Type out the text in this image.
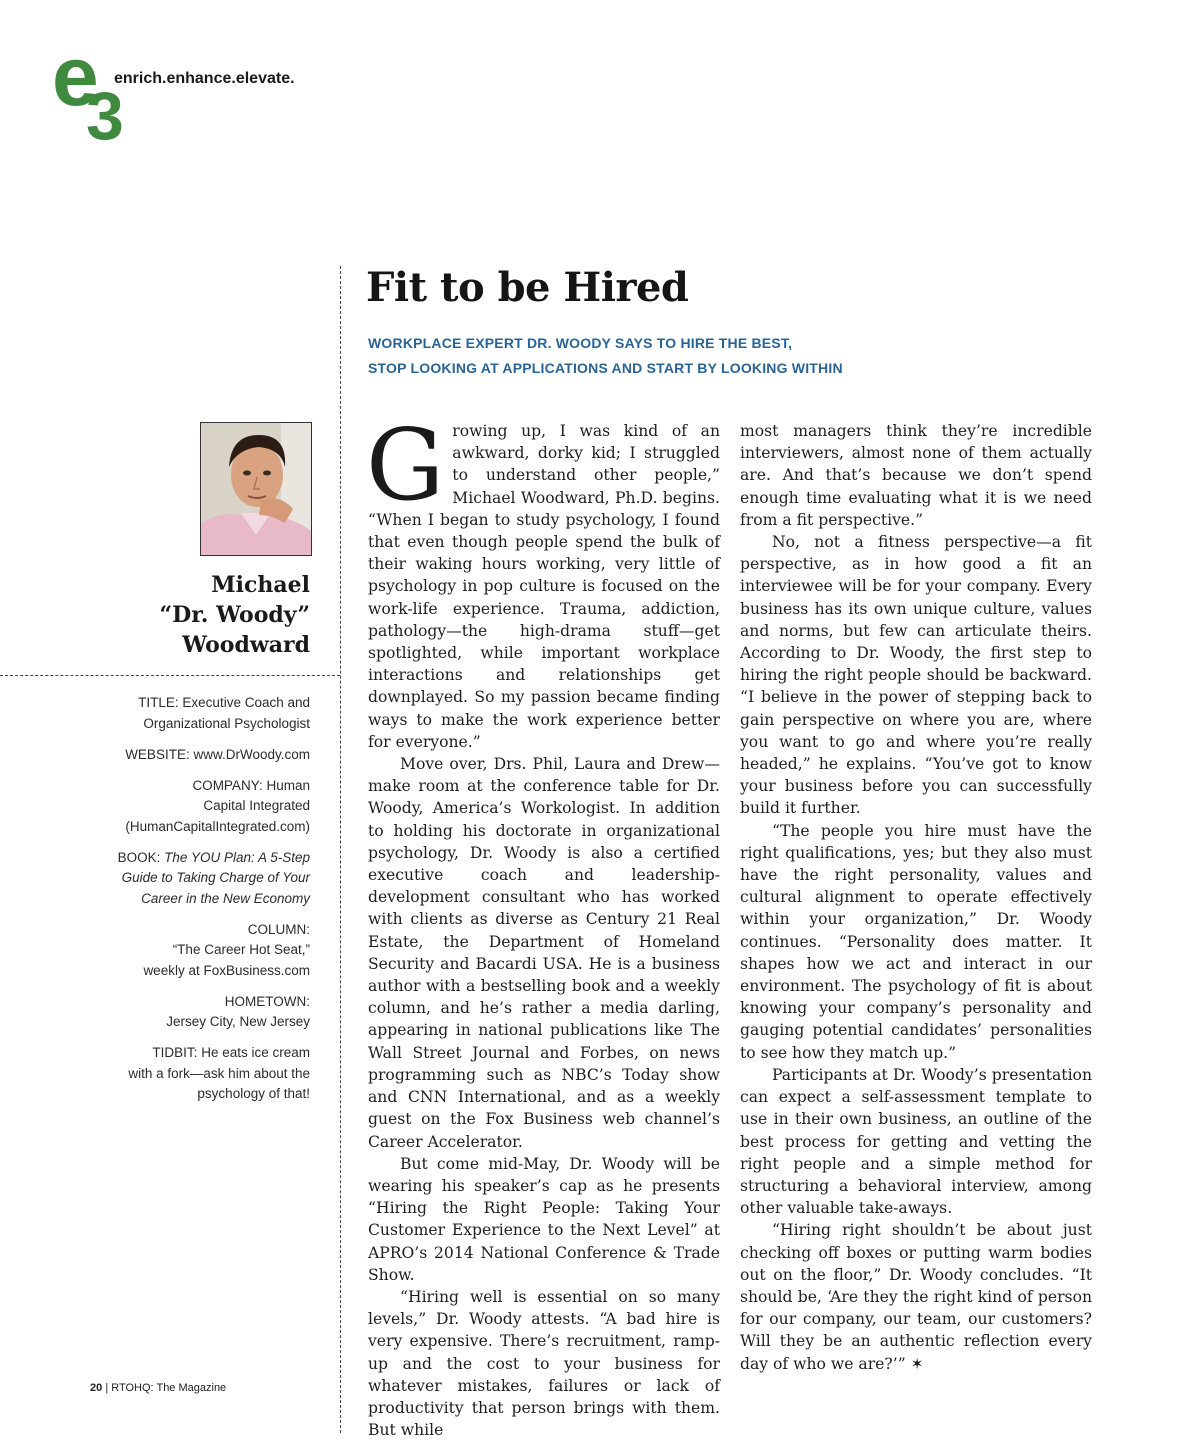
e
3
enrich.enhance.elevate.
Fit to be Hired
WORKPLACE EXPERT DR. WOODY SAYS TO HIRE THE BEST,
STOP LOOKING AT APPLICATIONS AND START BY LOOKING WITHIN
Michael
“Dr. Woody”
Woodward

TITLE: Executive Coach and
Organizational Psychologist

WEBSITE: www.DrWoody.com

COMPANY: Human
Capital Integrated
(HumanCapitalIntegrated.com)

BOOK: The YOU Plan: A 5-Step
Guide to Taking Charge of Your
Career in the New Economy

COLUMN:
“The Career Hot Seat,”
weekly at FoxBusiness.com

HOMETOWN:
Jersey City, New Jersey

TIDBIT: He eats ice cream
with a fork—ask him about the
psychology of that!

Growing up, I was kind of an awkward, dorky kid; I struggled to understand other people,” Michael Woodward, Ph.D. begins. “When I began to study psychology, I found that even though people spend the bulk of their waking hours working, very little of psychology in pop culture is focused on the work-life experience. Trauma, addiction, pathology—the high-drama stuff—get spotlighted, while important workplace interactions and relationships get downplayed. So my passion became finding ways to make the work experience better for everyone.”

Move over, Drs. Phil, Laura and Drew—make room at the conference table for Dr. Woody, America’s Workologist. In addition to holding his doctorate in organizational psychology, Dr. Woody is also a certified executive coach and leadership-development consultant who has worked with clients as diverse as Century 21 Real Estate, the Department of Homeland Security and Bacardi USA. He is a business author with a bestselling book and a weekly column, and he’s rather a media darling, appearing in national publications like The Wall Street Journal and Forbes, on news programming such as NBC’s Today show and CNN International, and as a weekly guest on the Fox Business web channel’s Career Accelerator.

But come mid-May, Dr. Woody will be wearing his speaker’s cap as he presents “Hiring the Right People: Taking Your Customer Experience to the Next Level” at APRO’s 2014 National Conference & Trade Show.

“Hiring well is essential on so many levels,” Dr. Woody attests. “A bad hire is very expensive. There’s recruitment, ramp-up and the cost to your business for whatever mistakes, failures or lack of productivity that person brings with them. But while

most managers think they’re incredible interviewers, almost none of them actually are. And that’s because we don’t spend enough time evaluating what it is we need from a fit perspective.”

No, not a fitness perspective—a fit perspective, as in how good a fit an interviewee will be for your company. Every business has its own unique culture, values and norms, but few can articulate theirs. According to Dr. Woody, the first step to hiring the right people should be backward. “I believe in the power of stepping back to gain perspective on where you are, where you want to go and where you’re really headed,” he explains. “You’ve got to know your business before you can successfully build it further.

“The people you hire must have the right qualifications, yes; but they also must have the right personality, values and cultural alignment to operate effectively within your organization,” Dr. Woody continues. “Personality does matter. It shapes how we act and interact in our environment. The psychology of fit is about knowing your company’s personality and gauging potential candidates’ personalities to see how they match up.”

Participants at Dr. Woody’s presentation can expect a self-assessment template to use in their own business, an outline of the best process for getting and vetting the right people and a simple method for structuring a behavioral interview, among other valuable take-aways.

“Hiring right shouldn’t be about just checking off boxes or putting warm bodies out on the floor,” Dr. Woody concludes. “It should be, ‘Are they the right kind of person for our company, our team, our customers? Will they be an authentic reflection every day of who we are?’” ✶

20 | RTOHQ: The Magazine
